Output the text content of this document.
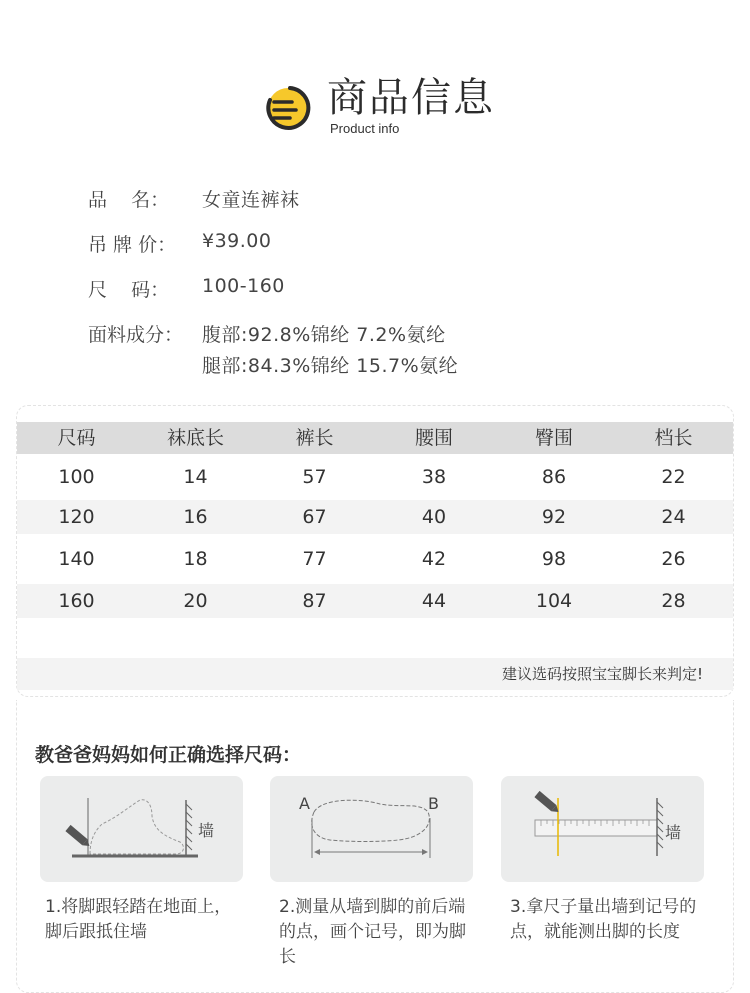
商品信息
Product info
品    名：	女童连裤袜
吊 牌 价：	¥39.00
尺    码：	100-160
面料成分： 腹部:92.8%锦纶 7.2%氨纶
腿部:84.3%锦纶 15.7%氨纶
尺码	袜底长	裤长	腰围	臀围	档长
100	14	57	38	86	22
120	16	67	40	92	24
140	18	77	42	98	26
160	20	87	44	104	28
建议选码按照宝宝脚长来判定!
教爸爸妈妈如何正确选择尺码：
墙
A	B
墙
1.将脚跟轻踏在地面上，脚后跟抵住墙
2.测量从墙到脚的前后端的点，画个记号，即为脚长
3.拿尺子量出墙到记号的点，就能测出脚的长度
